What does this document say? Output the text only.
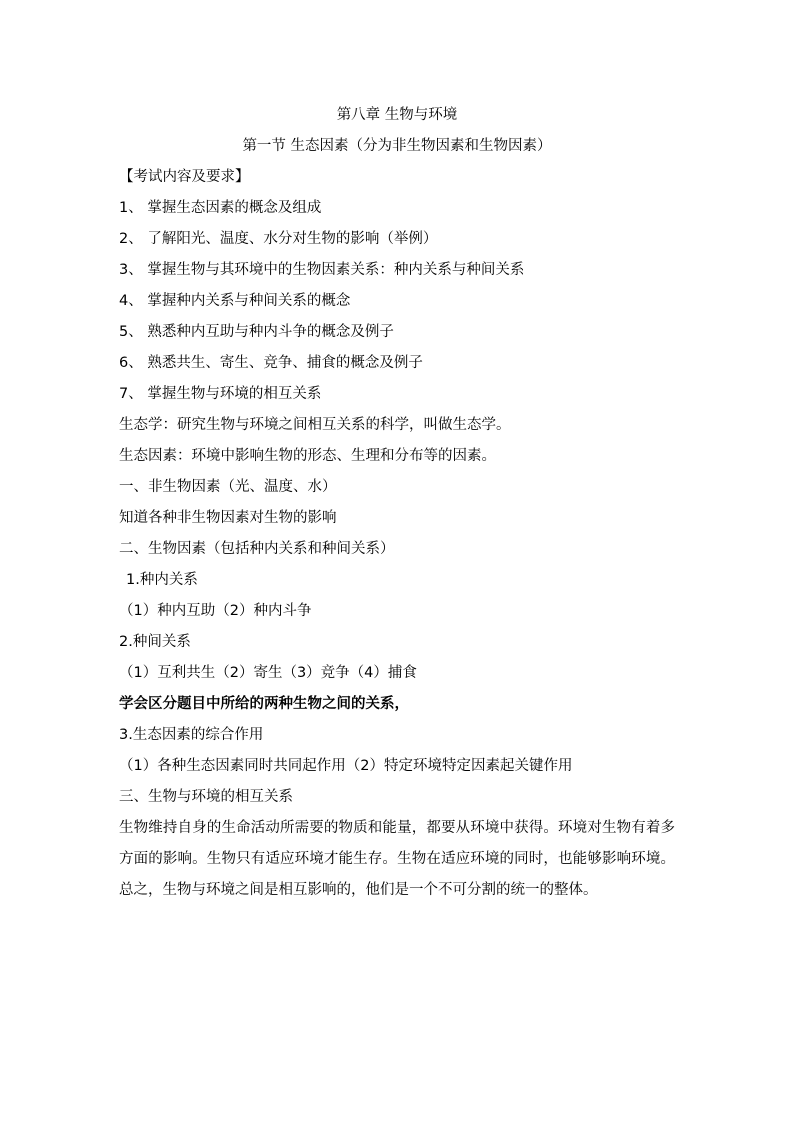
第八章 生物与环境
第一节 生态因素（分为非生物因素和生物因素）
【考试内容及要求】
1、 掌握生态因素的概念及组成
2、 了解阳光、温度、水分对生物的影响（举例）
3、 掌握生物与其环境中的生物因素关系：种内关系与种间关系
4、 掌握种内关系与种间关系的概念
5、 熟悉种内互助与种内斗争的概念及例子
6、 熟悉共生、寄生、竞争、捕食的概念及例子
7、 掌握生物与环境的相互关系
生态学：研究生物与环境之间相互关系的科学，叫做生态学。
生态因素：环境中影响生物的形态、生理和分布等的因素。
一、非生物因素（光、温度、水）
知道各种非生物因素对生物的影响
二、生物因素（包括种内关系和种间关系）
1.种内关系
（1）种内互助（2）种内斗争
2.种间关系
（1）互利共生（2）寄生（3）竞争（4）捕食
学会区分题目中所给的两种生物之间的关系，
3.生态因素的综合作用
（1）各种生态因素同时共同起作用（2）特定环境特定因素起关键作用
三、生物与环境的相互关系
生物维持自身的生命活动所需要的物质和能量，都要从环境中获得。环境对生物有着多方面的影响。生物只有适应环境才能生存。生物在适应环境的同时，也能够影响环境。总之，生物与环境之间是相互影响的，他们是一个不可分割的统一的整体。
